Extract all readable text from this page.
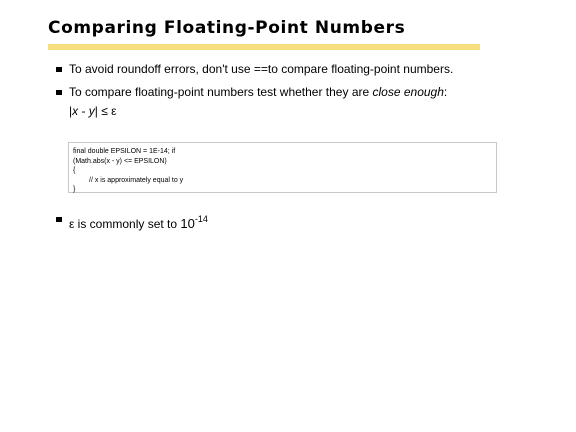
Comparing Floating-Point Numbers
To avoid roundoff errors, don't use ==to compare floating-point numbers.
To compare floating-point numbers test whether they are close enough:
|x - y| ≤ ε
final double EPSILON = 1E-14; if
(Math.abs(x - y) <= EPSILON)
{
// x is approximately equal to y
}
ε is commonly set to $10^{-14}$
